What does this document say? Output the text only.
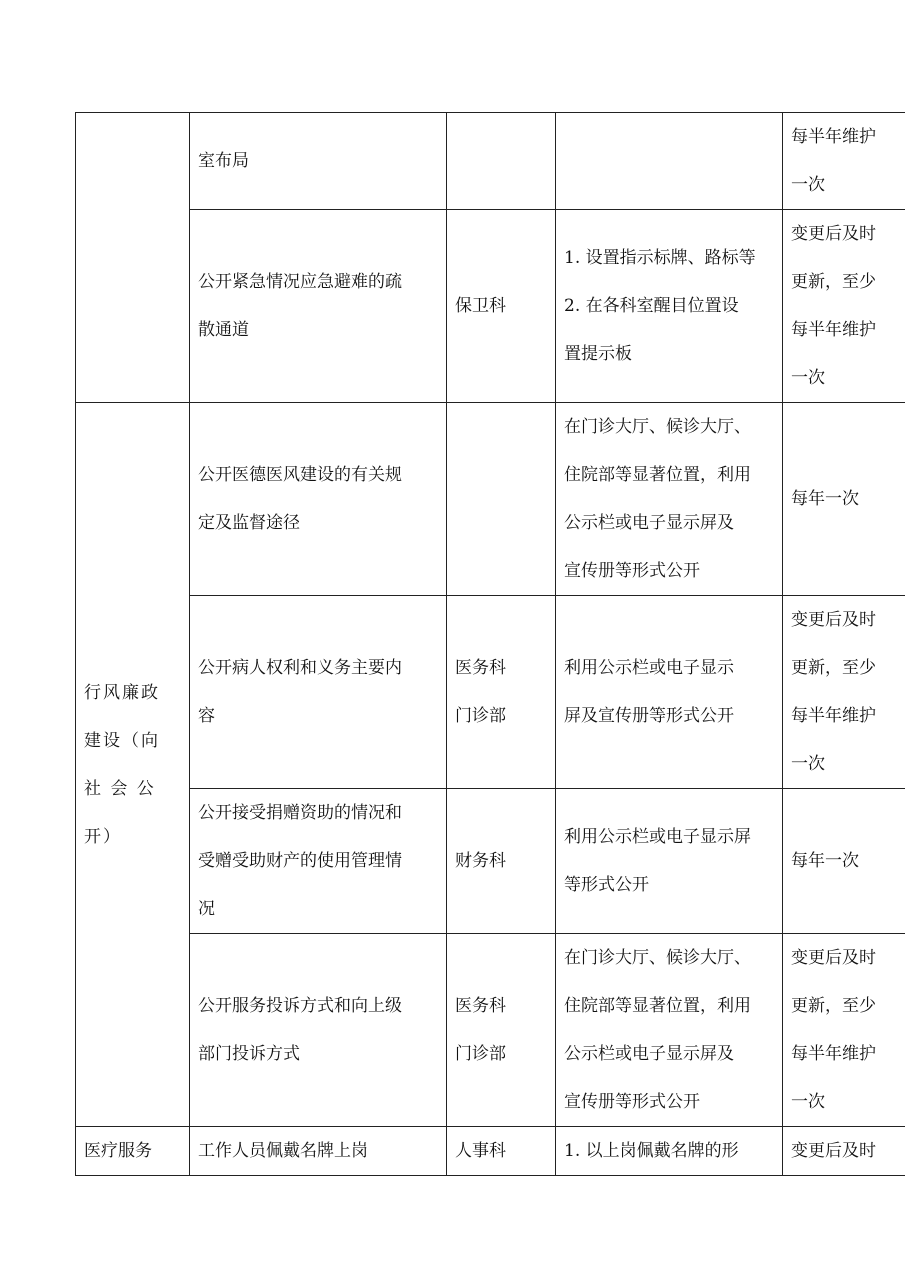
	室布局			每半年维护
一次
	公开紧急情况应急避难的疏
散通道	保卫科	1. 设置指示标牌、路标等
2. 在各科室醒目位置设
置提示板	变更后及时
更新，至少
每半年维护
一次
行风廉政
建设（向
社 会 公
开）	公开医德医风建设的有关规
定及监督途径		在门诊大厅、候诊大厅、
住院部等显著位置，利用
公示栏或电子显示屏及
宣传册等形式公开	每年一次
	公开病人权利和义务主要内
容	医务科
门诊部	利用公示栏或电子显示
屏及宣传册等形式公开	变更后及时
更新，至少
每半年维护
一次
	公开接受捐赠资助的情况和
受赠受助财产的使用管理情
况	财务科	利用公示栏或电子显示屏
等形式公开	每年一次
	公开服务投诉方式和向上级
部门投诉方式	医务科
门诊部	在门诊大厅、候诊大厅、
住院部等显著位置，利用
公示栏或电子显示屏及
宣传册等形式公开	变更后及时
更新，至少
每半年维护
一次
医疗服务	工作人员佩戴名牌上岗	人事科	1. 以上岗佩戴名牌的形	变更后及时
